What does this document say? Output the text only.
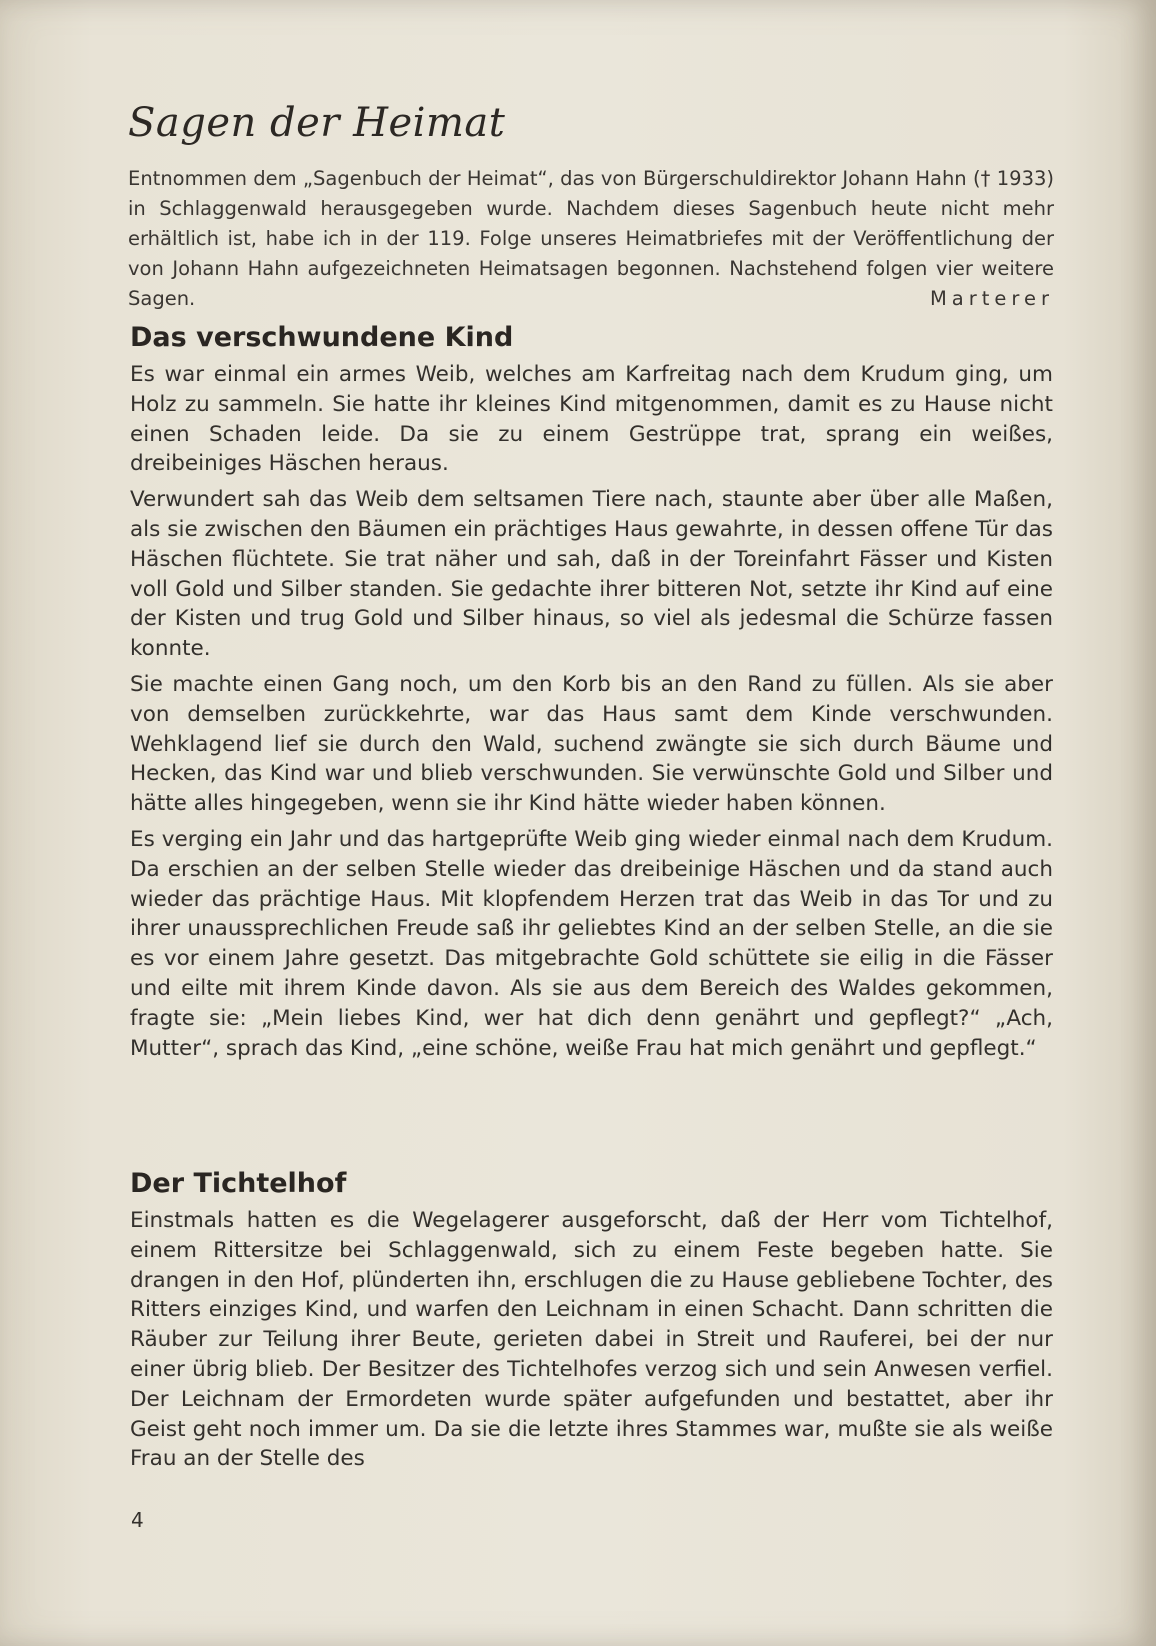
Sagen der Heimat

Entnommen dem „Sagenbuch der Heimat“, das von Bürgerschuldirektor Johann Hahn († 1933) in Schlaggenwald herausgegeben wurde. Nachdem dieses Sagenbuch heute nicht mehr erhältlich ist, habe ich in der 119. Folge unseres Heimatbriefes mit der Veröffentlichung der von Johann Hahn aufgezeichneten Heimatsagen begonnen. Nachstehend folgen vier weitere Sagen.	Marterer

Das verschwundene Kind

Es war einmal ein armes Weib, welches am Karfreitag nach dem Krudum ging, um Holz zu sammeln. Sie hatte ihr kleines Kind mitgenommen, damit es zu Hause nicht einen Schaden leide. Da sie zu einem Gestrüppe trat, sprang ein weißes, dreibeiniges Häschen heraus.

Verwundert sah das Weib dem seltsamen Tiere nach, staunte aber über alle Maßen, als sie zwischen den Bäumen ein prächtiges Haus gewahrte, in dessen offene Tür das Häschen flüchtete. Sie trat näher und sah, daß in der Toreinfahrt Fässer und Kisten voll Gold und Silber standen. Sie gedachte ihrer bitteren Not, setzte ihr Kind auf eine der Kisten und trug Gold und Silber hinaus, so viel als jedesmal die Schürze fassen konnte.

Sie machte einen Gang noch, um den Korb bis an den Rand zu füllen. Als sie aber von demselben zurückkehrte, war das Haus samt dem Kinde verschwunden. Wehklagend lief sie durch den Wald, suchend zwängte sie sich durch Bäume und Hecken, das Kind war und blieb verschwunden. Sie verwünschte Gold und Silber und hätte alles hingegeben, wenn sie ihr Kind hätte wieder haben können.

Es verging ein Jahr und das hartgeprüfte Weib ging wieder einmal nach dem Krudum. Da erschien an der selben Stelle wieder das dreibeinige Häschen und da stand auch wieder das prächtige Haus. Mit klopfendem Herzen trat das Weib in das Tor und zu ihrer unaussprechlichen Freude saß ihr geliebtes Kind an der selben Stelle, an die sie es vor einem Jahre gesetzt. Das mitgebrachte Gold schüttete sie eilig in die Fässer und eilte mit ihrem Kinde davon. Als sie aus dem Bereich des Waldes gekommen, fragte sie: „Mein liebes Kind, wer hat dich denn genährt und gepflegt?“ „Ach, Mutter“, sprach das Kind, „eine schöne, weiße Frau hat mich genährt und gepflegt.“

Der Tichtelhof

Einstmals hatten es die Wegelagerer ausgeforscht, daß der Herr vom Tichtelhof, einem Rittersitze bei Schlaggenwald, sich zu einem Feste begeben hatte. Sie drangen in den Hof, plünderten ihn, erschlugen die zu Hause gebliebene Tochter, des Ritters einziges Kind, und warfen den Leichnam in einen Schacht. Dann schritten die Räuber zur Teilung ihrer Beute, gerieten dabei in Streit und Rauferei, bei der nur einer übrig blieb. Der Besitzer des Tichtelhofes verzog sich und sein Anwesen verfiel. Der Leichnam der Ermordeten wurde später aufgefunden und bestattet, aber ihr Geist geht noch immer um. Da sie die letzte ihres Stammes war, mußte sie als weiße Frau an der Stelle des

4
